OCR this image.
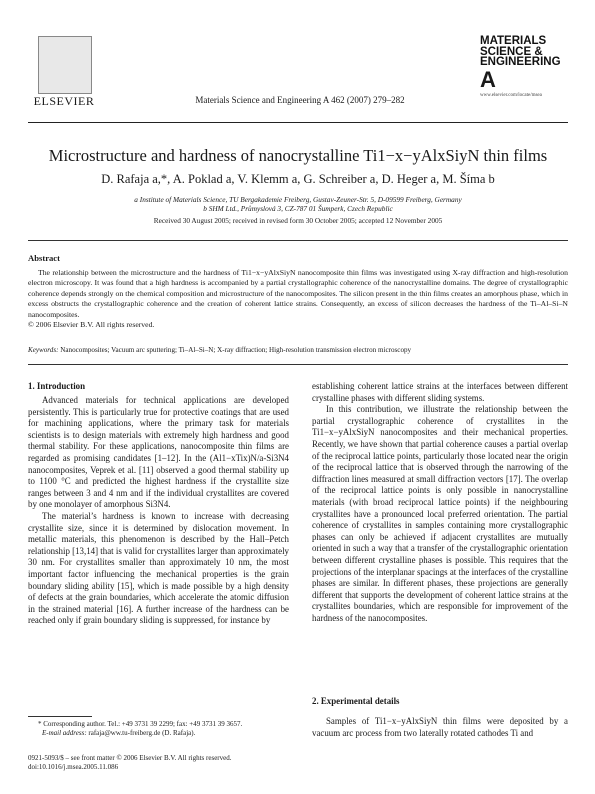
ELSEVIER	Materials Science and Engineering A 462 (2007) 279–282
MATERIALS
SCIENCE &
ENGINEERING
A
www.elsevier.com/locate/msea
Microstructure and hardness of nanocrystalline Ti1−x−yAlxSiyN thin films
D. Rafaja a,*, A. Poklad a, V. Klemm a, G. Schreiber a, D. Heger a, M. Šíma b
a Institute of Materials Science, TU Bergakademie Freiberg, Gustav-Zeuner-Str. 5, D-09599 Freiberg, Germany
b SHM Ltd., Průmyslová 3, CZ-787 01 Šumperk, Czech Republic
Received 30 August 2005; received in revised form 30 October 2005; accepted 12 November 2005
Abstract

The relationship between the microstructure and the hardness of Ti1−x−yAlxSiyN nanocomposite thin films was investigated using X-ray diffraction and high-resolution electron microscopy. It was found that a high hardness is accompanied by a partial crystallographic coherence of the nanocrystalline domains. The degree of crystallographic coherence depends strongly on the chemical composition and microstructure of the nanocomposites. The silicon present in the thin films creates an amorphous phase, which in excess obstructs the crystallographic coherence and the creation of coherent lattice strains. Consequently, an excess of silicon decreases the hardness of the Ti–Al–Si–N nanocomposites.

© 2006 Elsevier B.V. All rights reserved.
Keywords: Nanocomposites; Vacuum arc sputtering; Ti–Al–Si–N; X-ray diffraction; High-resolution transmission electron microscopy
1. Introduction

Advanced materials for technical applications are developed persistently. This is particularly true for protective coatings that are used for machining applications, where the primary task for materials scientists is to design materials with extremely high hardness and good thermal stability. For these applications, nanocomposite thin films are regarded as promising candidates [1–12]. In the (Al1−xTix)N/a-Si3N4 nanocomposites, Veprek et al. [11] observed a good thermal stability up to 1100 °C and predicted the highest hardness if the crystallite size ranges between 3 and 4 nm and if the individual crystallites are covered by one monolayer of amorphous Si3N4.

The material’s hardness is known to increase with decreasing crystallite size, since it is determined by dislocation movement. In metallic materials, this phenomenon is described by the Hall–Petch relationship [13,14] that is valid for crystallites larger than approximately 30 nm. For crystallites smaller than approximately 10 nm, the most important factor influencing the mechanical properties is the grain boundary sliding ability [15], which is made possible by a high density of defects at the grain boundaries, which accelerate the atomic diffusion in the strained material [16]. A further increase of the hardness can be reached only if grain boundary sliding is suppressed, for instance by

establishing coherent lattice strains at the interfaces between different crystalline phases with different sliding systems.

In this contribution, we illustrate the relationship between the partial crystallographic coherence of crystallites in the Ti1−x−yAlxSiyN nanocomposites and their mechanical properties. Recently, we have shown that partial coherence causes a partial overlap of the reciprocal lattice points, particularly those located near the origin of the reciprocal lattice that is observed through the narrowing of the diffraction lines measured at small diffraction vectors [17]. The overlap of the reciprocal lattice points is only possible in nanocrystalline materials (with broad reciprocal lattice points) if the neighbouring crystallites have a pronounced local preferred orientation. The partial coherence of crystallites in samples containing more crystallographic phases can only be achieved if adjacent crystallites are mutually oriented in such a way that a transfer of the crystallographic orientation between different crystalline phases is possible. This requires that the projections of the interplanar spacings at the interfaces of the crystalline phases are similar. In different phases, these projections are generally different that supports the development of coherent lattice strains at the crystallites boundaries, which are responsible for improvement of the hardness of the nanocomposites.

2. Experimental details

Samples of Ti1−x−yAlxSiyN thin films were deposited by a vacuum arc process from two laterally rotated cathodes Ti and

* Corresponding author. Tel.: +49 3731 39 2299; fax: +49 3731 39 3657.
E-mail address: rafaja@ww.tu-freiberg.de (D. Rafaja).
0921-5093/$ – see front matter © 2006 Elsevier B.V. All rights reserved.
doi:10.1016/j.msea.2005.11.086
